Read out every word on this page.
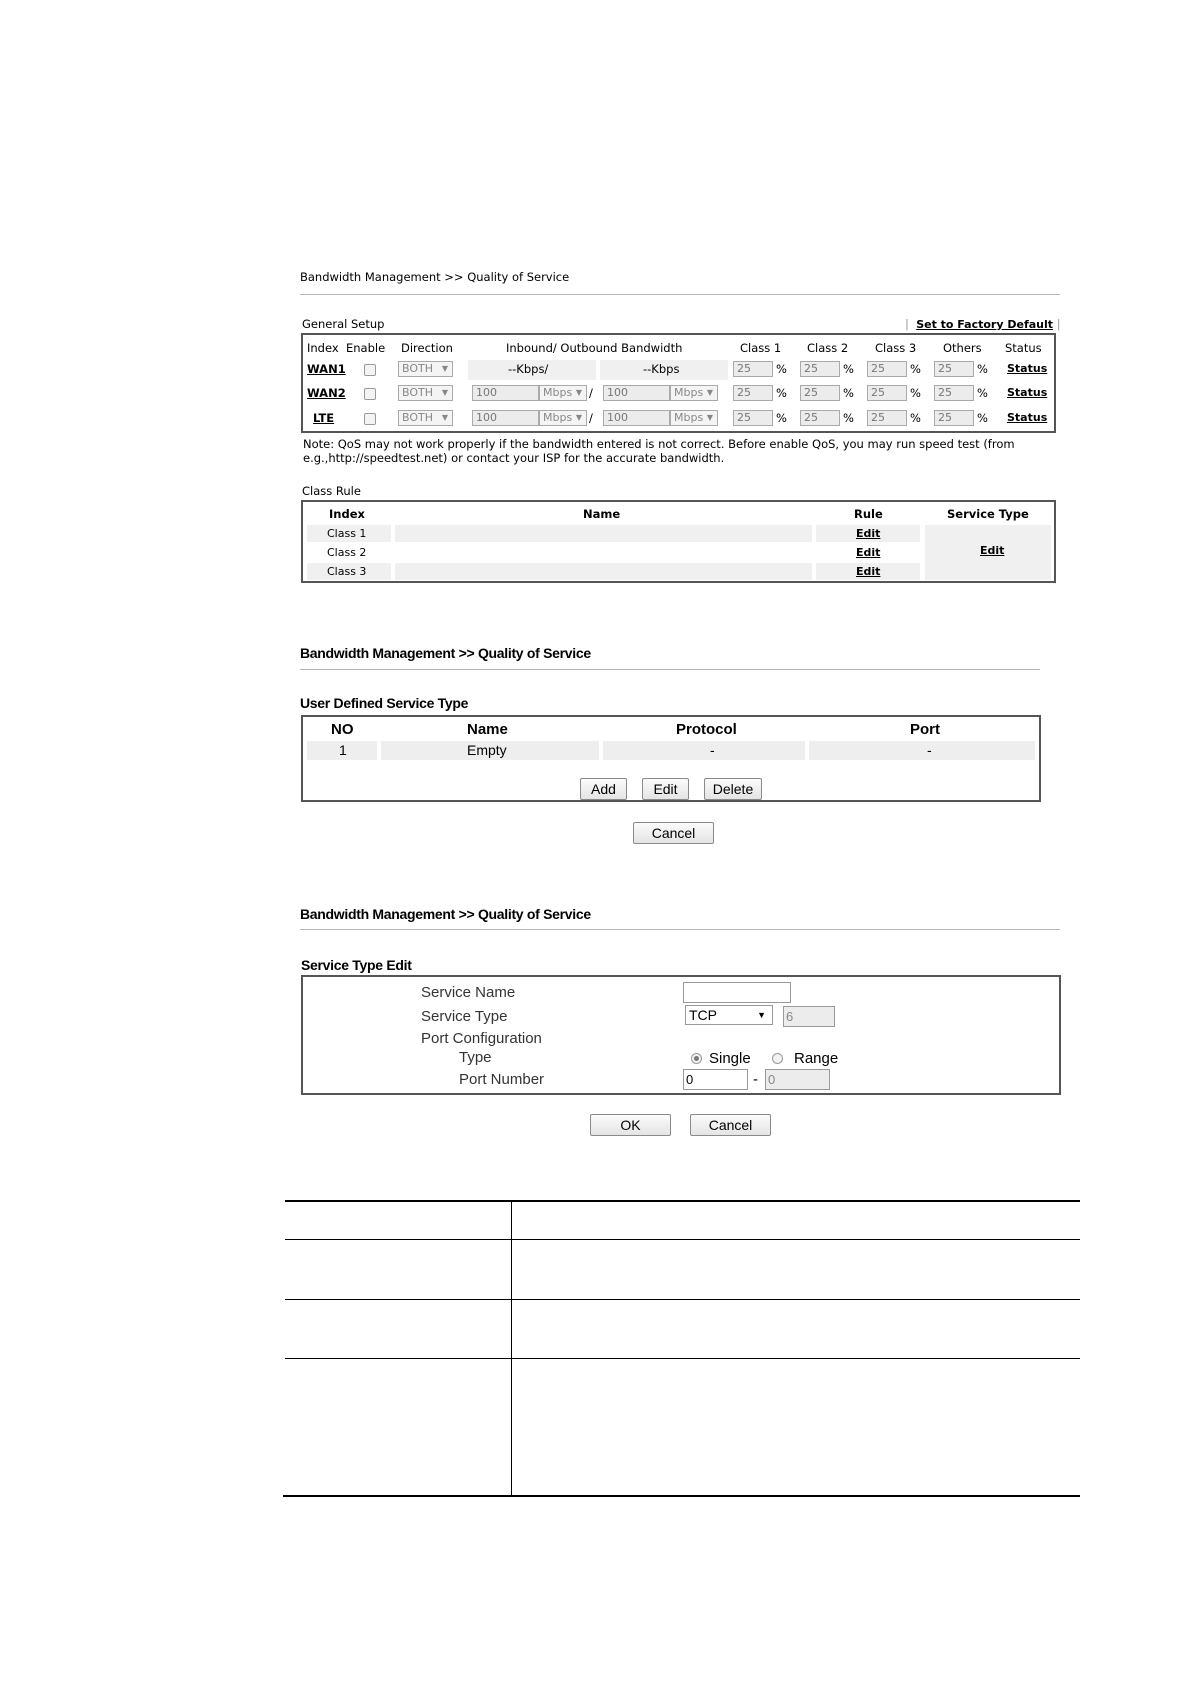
Bandwidth Management >> Quality of Service
General Setup	| Set to Factory Default |
Index Enable Direction	Inbound/ Outbound Bandwidth	Class 1 Class 2 Class 3 Others Status
WAN1	BOTH ▼	--Kbps/	--Kbps	25	%	25	%	25	%	25	% Status
WAN2	BOTH ▼	100	Mbps ▼ /	100	Mbps ▼	25	%	25	%	25	%	25	% Status
LTE	BOTH ▼	100	Mbps ▼ /	100	Mbps ▼	25	%	25	%	25	%	25	% Status
Note: QoS may not work properly if the bandwidth entered is not correct. Before enable QoS, you may run speed test (from
e.g.,http://speedtest.net) or contact your ISP for the accurate bandwidth.
Class Rule
Index	Name	Rule	Service Type
Class 1	Edit
Class 2	Edit
Class 3	Edit
Edit
Bandwidth Management >> Quality of Service
User Defined Service Type
NO	Name	Protocol	Port
1	Empty	-	-
Add	Edit	Delete
Cancel
Bandwidth Management >> Quality of Service
Service Type Edit
Service Name
Service Type	TCP	▼ 6
Port Configuration
Type	Single	Range
Port Number	0	- 0
OK	Cancel
